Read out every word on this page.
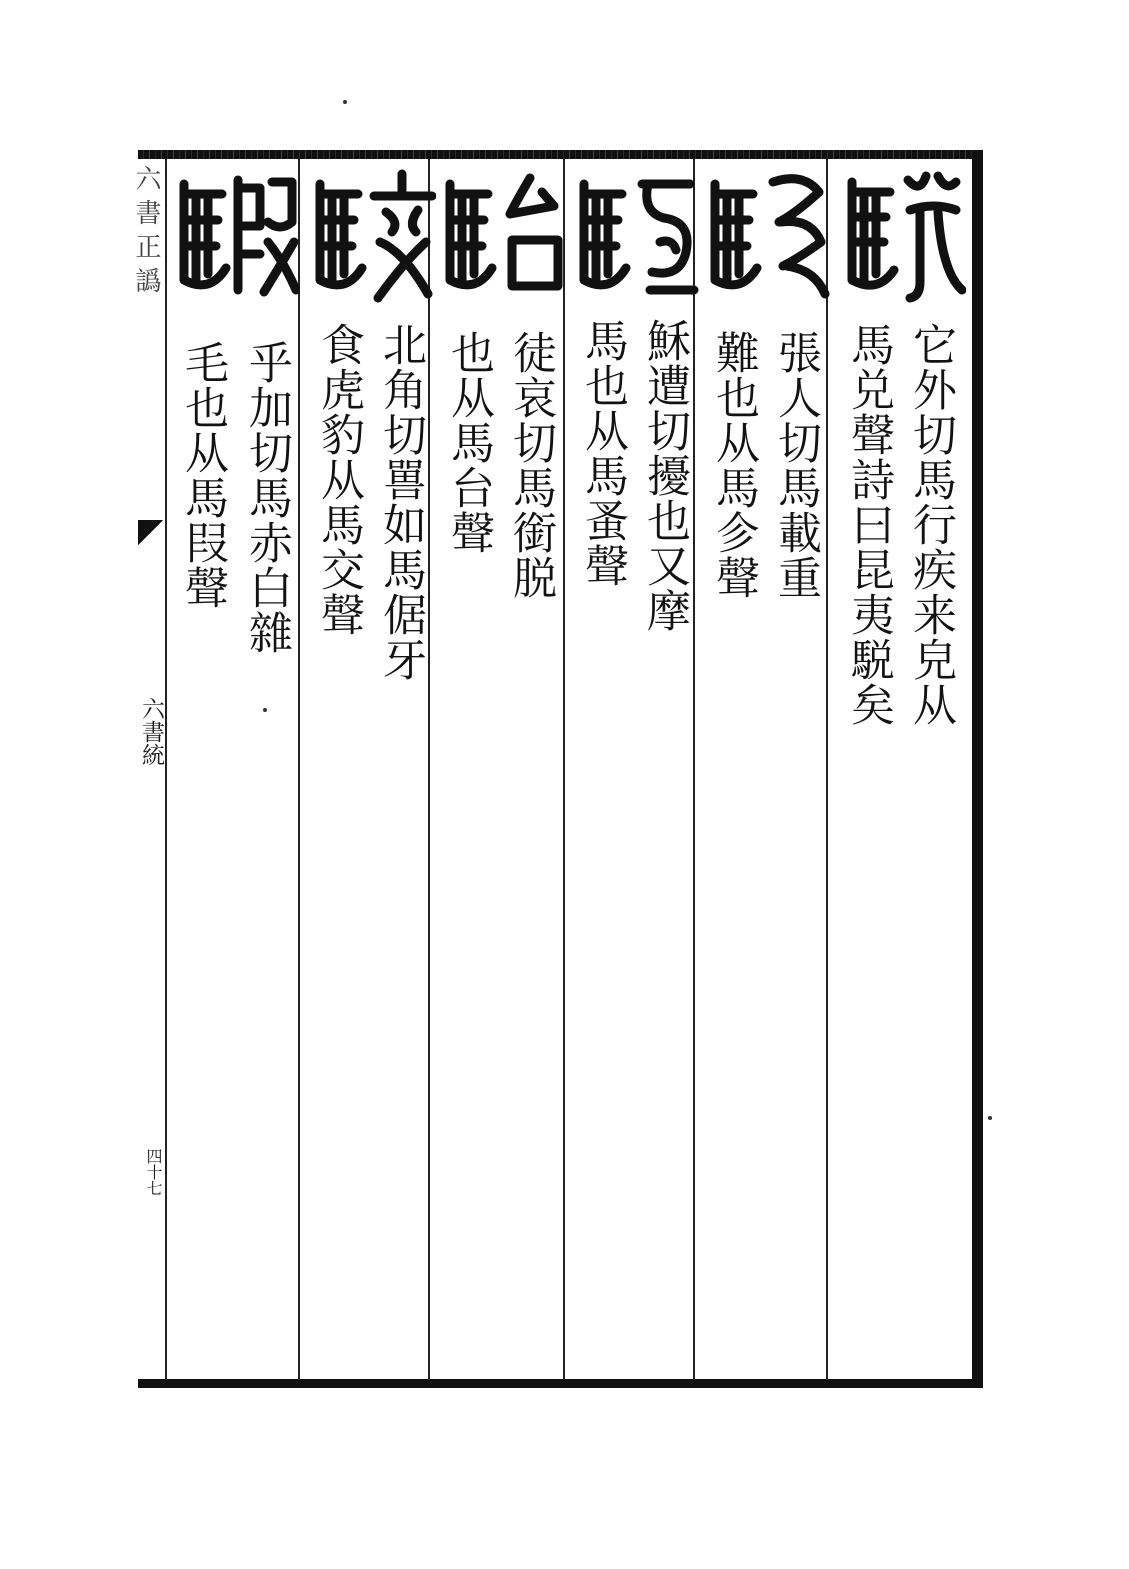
六書正譌
六書統
四十七
它外切馬行疾来皃从
馬兑聲詩曰昆夷駾矣
張人切馬載重
難也从馬㐱聲
穌遭切擾也又摩
馬也从馬蚤聲
徒哀切馬銜脱
也从馬台聲
北角切嘼如馬倨牙
食虎豹从馬交聲
乎加切馬赤白雜
毛也从馬叚聲
